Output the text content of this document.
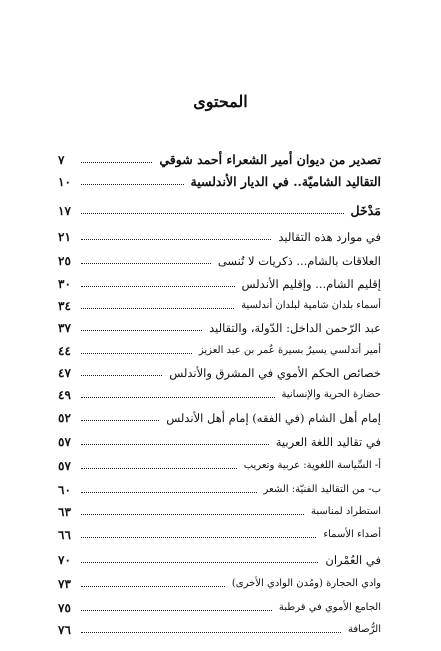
المحتوى
تصدير من ديوان أمير الشعراء أحمد شوقي
٧
التقاليد الشاميّة.. في الديار الأندلسية
١٠
مَدْخَل
١٧
في موارد هذه التقاليد
٢١
العلاقات بالشام... ذكريات لا تُنسى
٢٥
إقليم الشام... وإقليم الأندلس
٣٠
أسماء بلدان شامية لبلدان أندلسية
٣٤
عبد الرّحمن الداخل: الدّولة، والتقاليد
٣٧
أمير أندلسي يسيرُ بسيرة عُمر بن عبد العزيز
٤٤
خصائص الحكم الأموي في المشرق والأندلس
٤٧
حضارة الحرية والإنسانية
٤٩
إمام أهل الشام (في الفقه) إمام أهل الأندلس
٥٢
في تقاليد اللغة العربية
٥٧
أ- السِّياسة اللغوية: عربية وتعريب
٥٧
ب- من التقاليد الفنيّة: الشعر
٦٠
استطراد لمناسبة
٦٣
أصداء الأسماء
٦٦
في العُمْران
٧٠
وادي الحجارة (ومُدن الوادي الأخرى)
٧٣
الجامع الأموي في قرطبة
٧٥
الرُّصافة
٧٦
